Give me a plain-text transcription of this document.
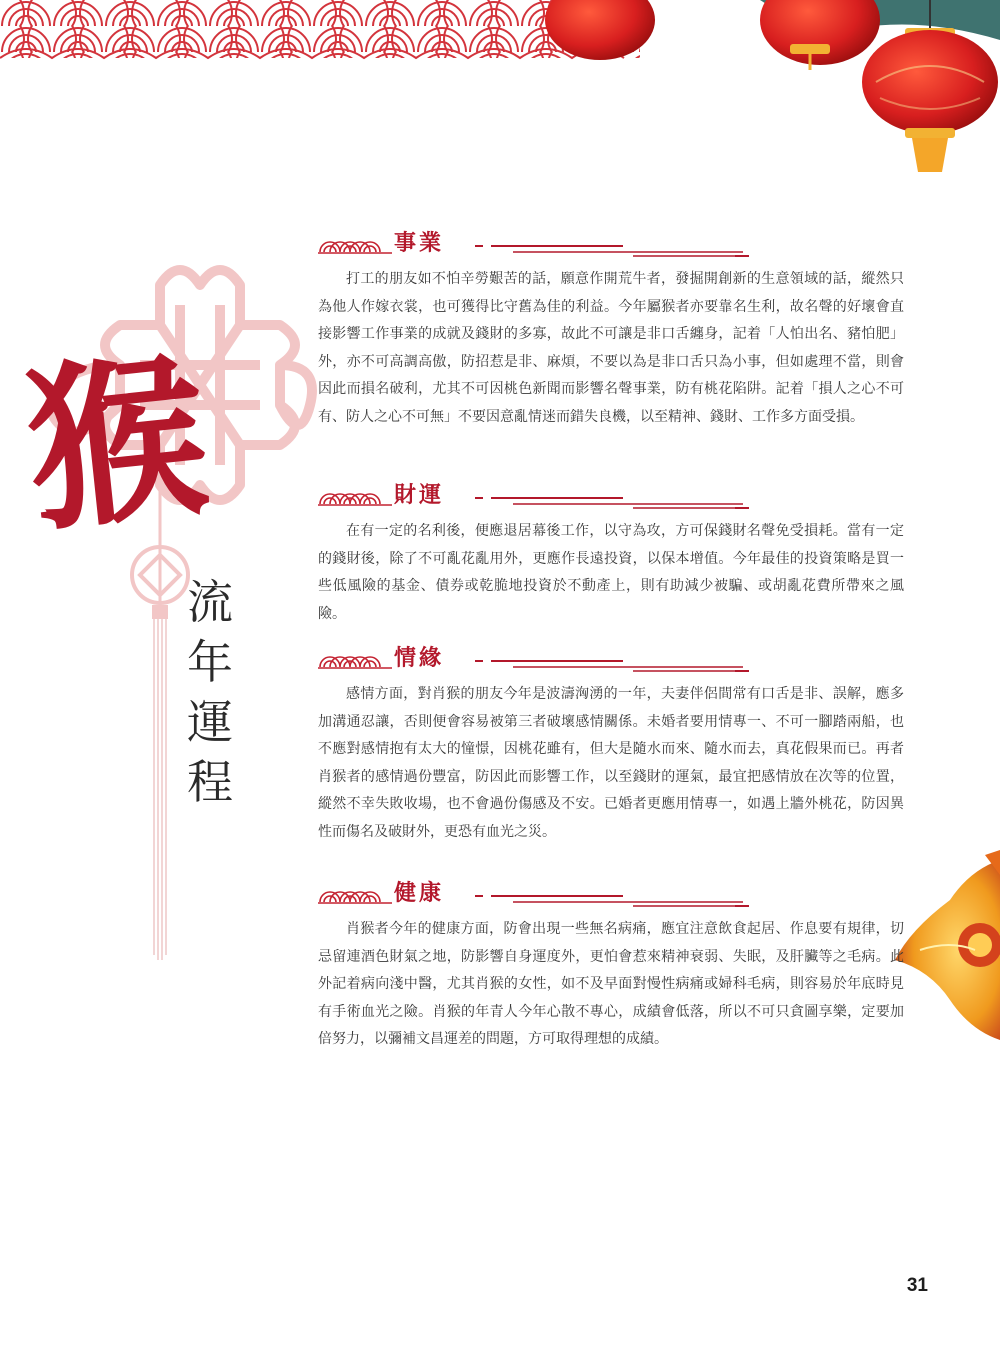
猴
流
年
運
程
事業

打工的朋友如不怕辛勞艱苦的話，願意作開荒牛者，發掘開創新的生意領域的話，縱然只為他人作嫁衣裳，也可獲得比守舊為佳的利益。今年屬猴者亦要靠名生利，故名聲的好壞會直接影響工作事業的成就及錢財的多寡，故此不可讓是非口舌纏身，記着「人怕出名、豬怕肥」外，亦不可高調高傲，防招惹是非、麻煩，不要以為是非口舌只為小事，但如處理不當，則會因此而損名破利，尤其不可因桃色新聞而影響名聲事業，防有桃花陷阱。記着「損人之心不可有、防人之心不可無」不要因意亂情迷而錯失良機，以至精神、錢財、工作多方面受損。

財運

在有一定的名利後，便應退居幕後工作，以守為攻，方可保錢財名聲免受損耗。當有一定的錢財後，除了不可亂花亂用外，更應作長遠投資，以保本增值。今年最佳的投資策略是買一些低風險的基金、債券或乾脆地投資於不動產上，則有助減少被騙、或胡亂花費所帶來之風險。

情緣

感情方面，對肖猴的朋友今年是波濤洶湧的一年，夫妻伴侶間常有口舌是非、誤解，應多加溝通忍讓，否則便會容易被第三者破壞感情關係。未婚者要用情專一、不可一腳踏兩船，也不應對感情抱有太大的憧憬，因桃花雖有，但大是隨水而來、隨水而去，真花假果而已。再者肖猴者的感情過份豐富，防因此而影響工作，以至錢財的運氣，最宜把感情放在次等的位置，縱然不幸失敗收場，也不會過份傷感及不安。已婚者更應用情專一，如遇上牆外桃花，防因異性而傷名及破財外，更恐有血光之災。

健康

肖猴者今年的健康方面，防會出現一些無名病痛，應宜注意飲食起居、作息要有規律，切忌留連酒色財氣之地，防影響自身運度外，更怕會惹來精神衰弱、失眠，及肝臟等之毛病。此外記着病向淺中醫，尤其肖猴的女性，如不及早面對慢性病痛或婦科毛病，則容易於年底時見有手術血光之險。肖猴的年青人今年心散不專心，成績會低落，所以不可只貪圖享樂，定要加倍努力，以彌補文昌運差的問題，方可取得理想的成績。

31
